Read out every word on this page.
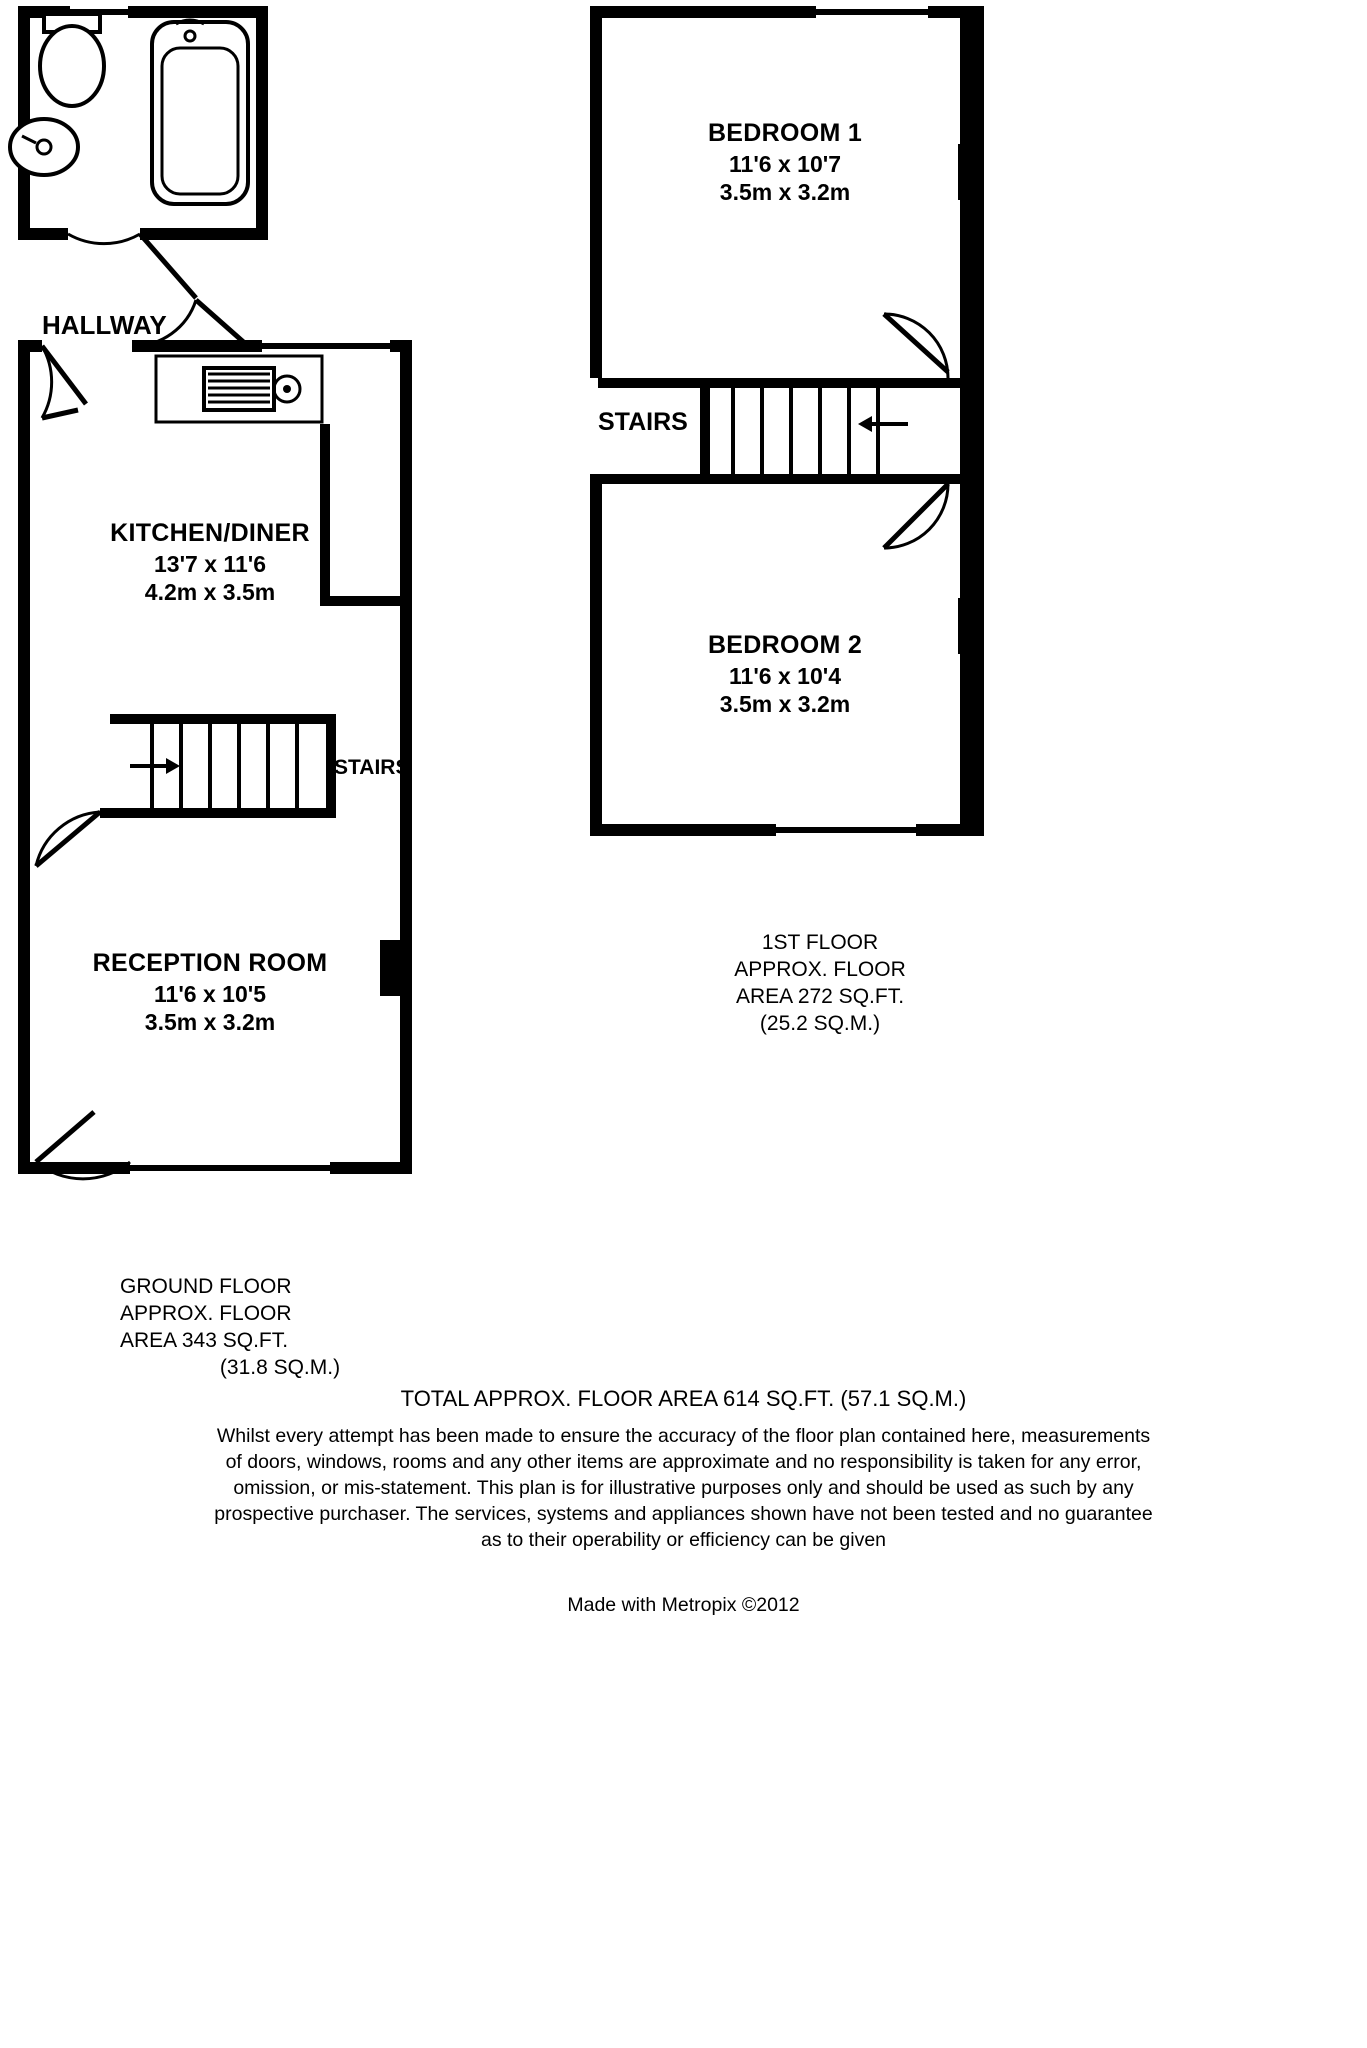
HALLWAY
KITCHEN/DINER
13'7 x 11'6
4.2m x 3.5m
STAIRS
RECEPTION ROOM
11'6 x 10'5
3.5m x 3.2m
BEDROOM 1
11'6 x 10'7
3.5m x 3.2m
STAIRS
BEDROOM 2
11'6 x 10'4
3.5m x 3.2m
1ST FLOOR
APPROX. FLOOR
AREA 272 SQ.FT.
(25.2 SQ.M.)
GROUND FLOOR
APPROX. FLOOR
AREA 343 SQ.FT.
(31.8 SQ.M.)
TOTAL APPROX. FLOOR AREA 614 SQ.FT. (57.1 SQ.M.)
Whilst every attempt has been made to ensure the accuracy of the floor plan contained here, measurements
of doors, windows, rooms and any other items are approximate and no responsibility is taken for any error,
omission, or mis-statement. This plan is for illustrative purposes only and should be used as such by any
prospective purchaser. The services, systems and appliances shown have not been tested and no guarantee
as to their operability or efficiency can be given
Made with Metropix ©2012
